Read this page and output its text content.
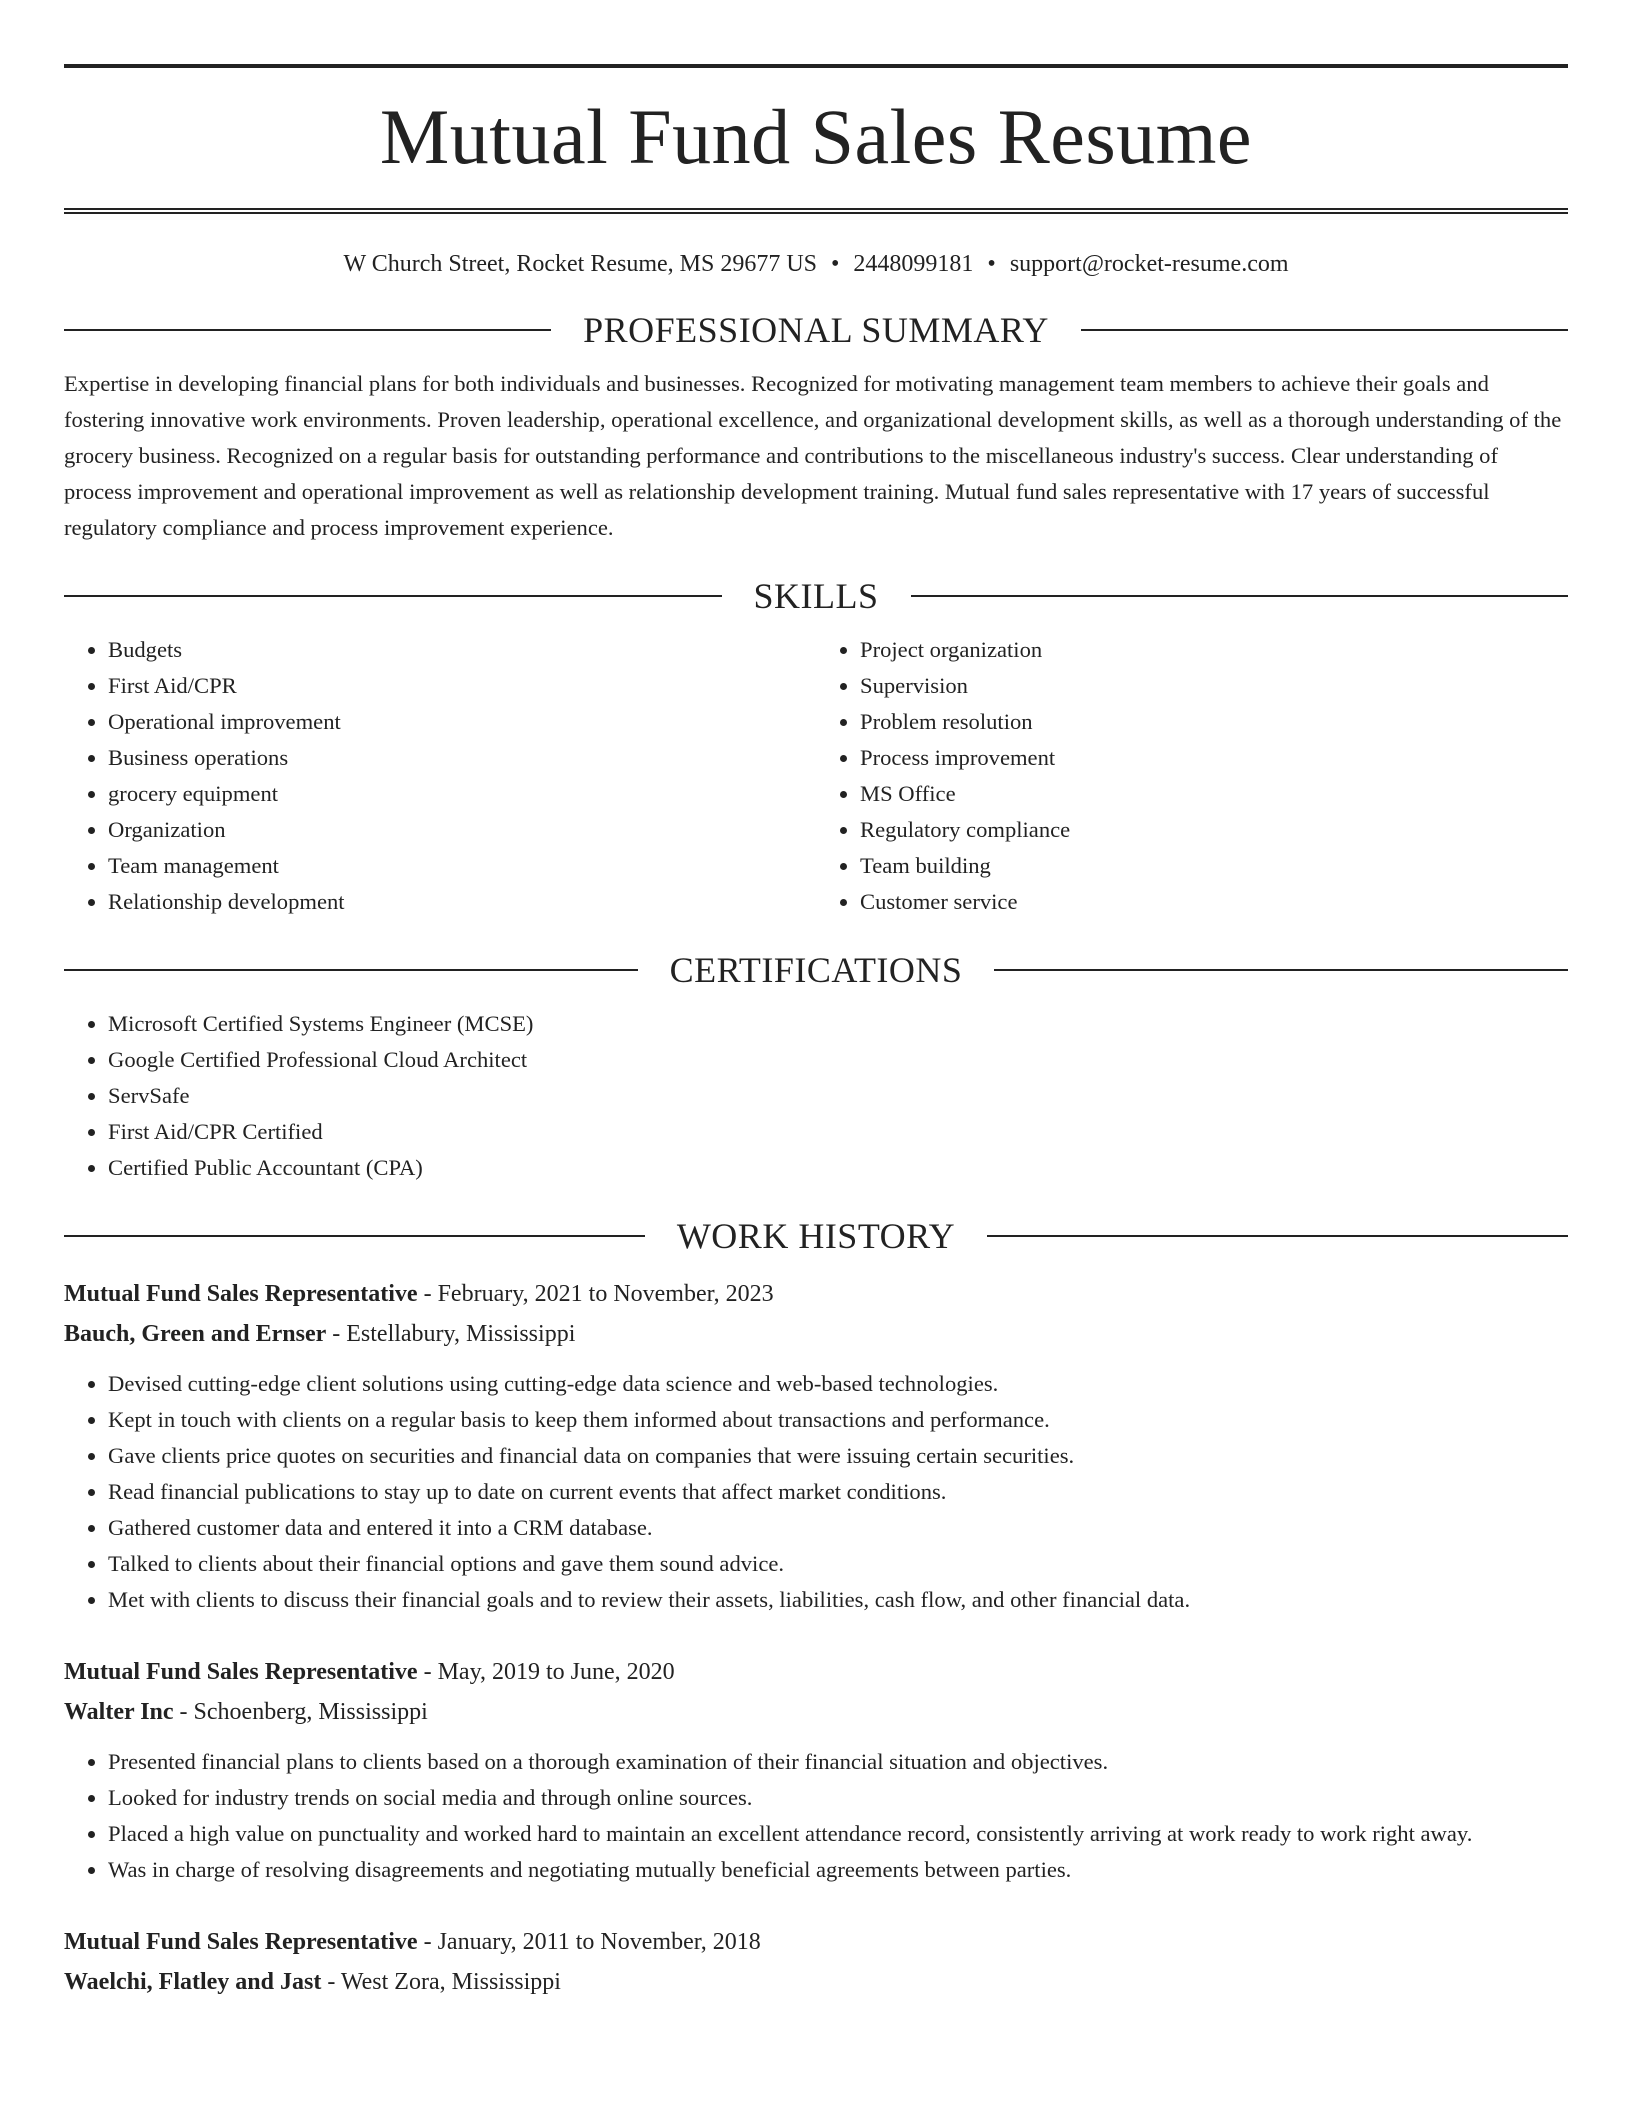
Mutual Fund Sales Resume
W Church Street, Rocket Resume, MS 29677 US • 2448099181 • support@rocket-resume.com
PROFESSIONAL SUMMARY

Expertise in developing financial plans for both individuals and businesses. Recognized for motivating management team members to achieve their goals and fostering innovative work environments. Proven leadership, operational excellence, and organizational development skills, as well as a thorough understanding of the grocery business. Recognized on a regular basis for outstanding performance and contributions to the miscellaneous industry's success. Clear understanding of process improvement and operational improvement as well as relationship development training. Mutual fund sales representative with 17 years of successful regulatory compliance and process improvement experience.

SKILLS
• Budgets
• First Aid/CPR
• Operational improvement
• Business operations
• grocery equipment
• Organization
• Team management
• Relationship development
• Project organization
• Supervision
• Problem resolution
• Process improvement
• MS Office
• Regulatory compliance
• Team building
• Customer service
CERTIFICATIONS
• Microsoft Certified Systems Engineer (MCSE)
• Google Certified Professional Cloud Architect
• ServSafe
• First Aid/CPR Certified
• Certified Public Accountant (CPA)
WORK HISTORY
Mutual Fund Sales Representative - February, 2021 to November, 2023
Bauch, Green and Ernser - Estellabury, Mississippi
• Devised cutting-edge client solutions using cutting-edge data science and web-based technologies.
• Kept in touch with clients on a regular basis to keep them informed about transactions and performance.
• Gave clients price quotes on securities and financial data on companies that were issuing certain securities.
• Read financial publications to stay up to date on current events that affect market conditions.
• Gathered customer data and entered it into a CRM database.
• Talked to clients about their financial options and gave them sound advice.
• Met with clients to discuss their financial goals and to review their assets, liabilities, cash flow, and other financial data.
Mutual Fund Sales Representative - May, 2019 to June, 2020
Walter Inc - Schoenberg, Mississippi
• Presented financial plans to clients based on a thorough examination of their financial situation and objectives.
• Looked for industry trends on social media and through online sources.
• Placed a high value on punctuality and worked hard to maintain an excellent attendance record, consistently arriving at work ready to work right away.
• Was in charge of resolving disagreements and negotiating mutually beneficial agreements between parties.
Mutual Fund Sales Representative - January, 2011 to November, 2018
Waelchi, Flatley and Jast - West Zora, Mississippi
